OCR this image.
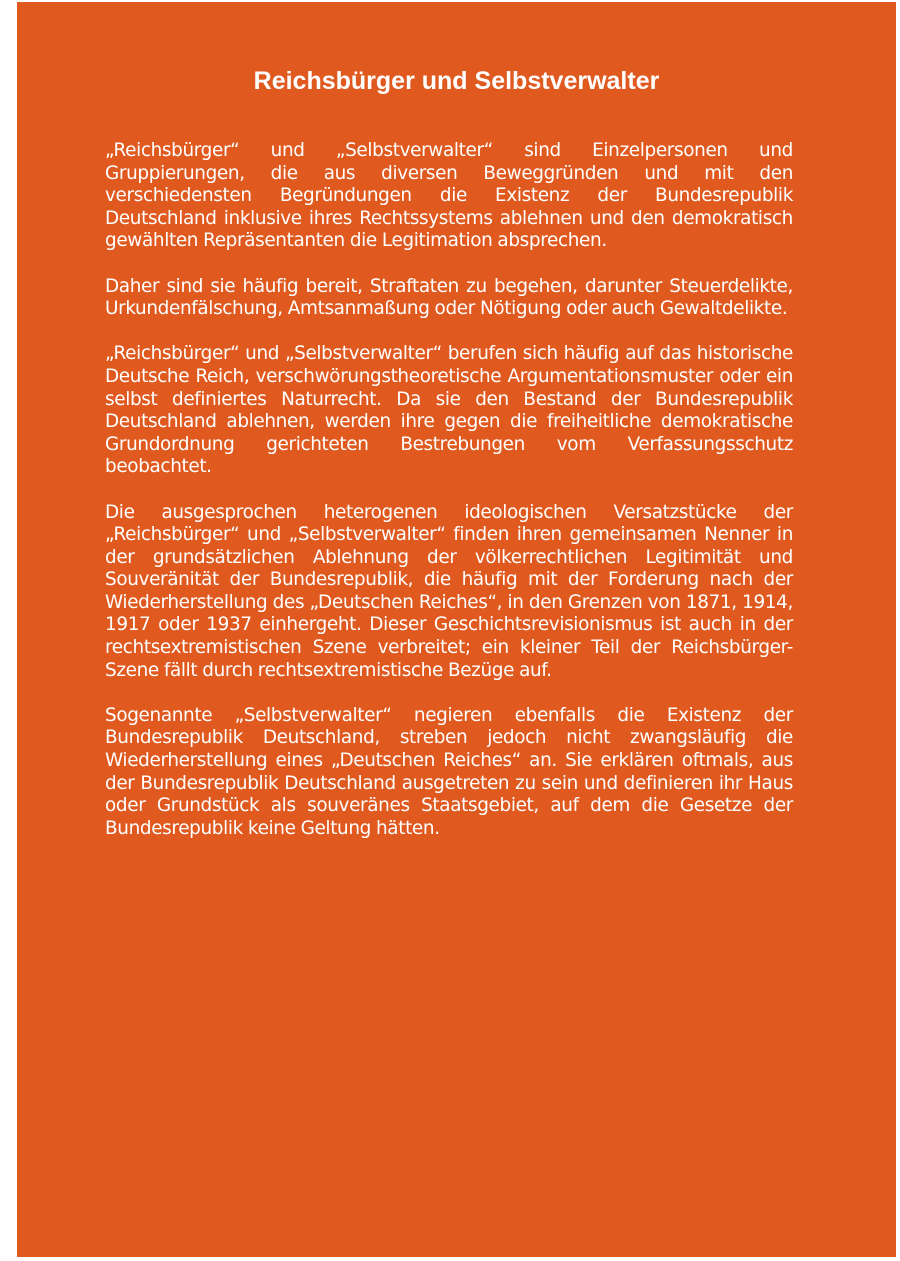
Reichsbürger und Selbstverwalter

„Reichsbürger“ und „Selbstverwalter“ sind Einzelpersonen und Gruppierungen, die aus diversen Beweggründen und mit den verschiedensten Begründungen die Existenz der Bundesrepublik Deutschland inklusive ihres Rechtssystems ablehnen und den demokratisch gewählten Repräsentanten die Legitimation absprechen.

Daher sind sie häufig bereit, Straftaten zu begehen, darunter Steuerdelikte, Urkundenfälschung, Amtsanmaßung oder Nötigung oder auch Gewaltdelikte.

„Reichsbürger“ und „Selbstverwalter“ berufen sich häufig auf das historische Deutsche Reich, verschwörungstheoretische Argumentationsmuster oder ein selbst definiertes Naturrecht. Da sie den Bestand der Bundesrepublik Deutschland ablehnen, werden ihre gegen die freiheitliche demokratische Grundordnung gerichteten Bestrebungen vom Verfassungsschutz beobachtet.

Die ausgesprochen heterogenen ideologischen Versatzstücke der „Reichsbürger“ und „Selbstverwalter“ finden ihren gemeinsamen Nenner in der grundsätzlichen Ablehnung der völkerrechtlichen Legitimität und Souveränität der Bundesrepublik, die häufig mit der Forderung nach der Wiederherstellung des „Deutschen Reiches“, in den Grenzen von 1871, 1914, 1917 oder 1937 einhergeht. Dieser Geschichtsrevisionismus ist auch in der rechtsextremistischen Szene verbreitet; ein kleiner Teil der Reichsbürger-Szene fällt durch rechtsextremistische Bezüge auf.

Sogenannte „Selbstverwalter“ negieren ebenfalls die Existenz der Bundesrepublik Deutschland, streben jedoch nicht zwangsläufig die Wiederherstellung eines „Deutschen Reiches“ an. Sie erklären oftmals, aus der Bundesrepublik Deutschland ausgetreten zu sein und definieren ihr Haus oder Grundstück als souveränes Staatsgebiet, auf dem die Gesetze der Bundesrepublik keine Geltung hätten.
